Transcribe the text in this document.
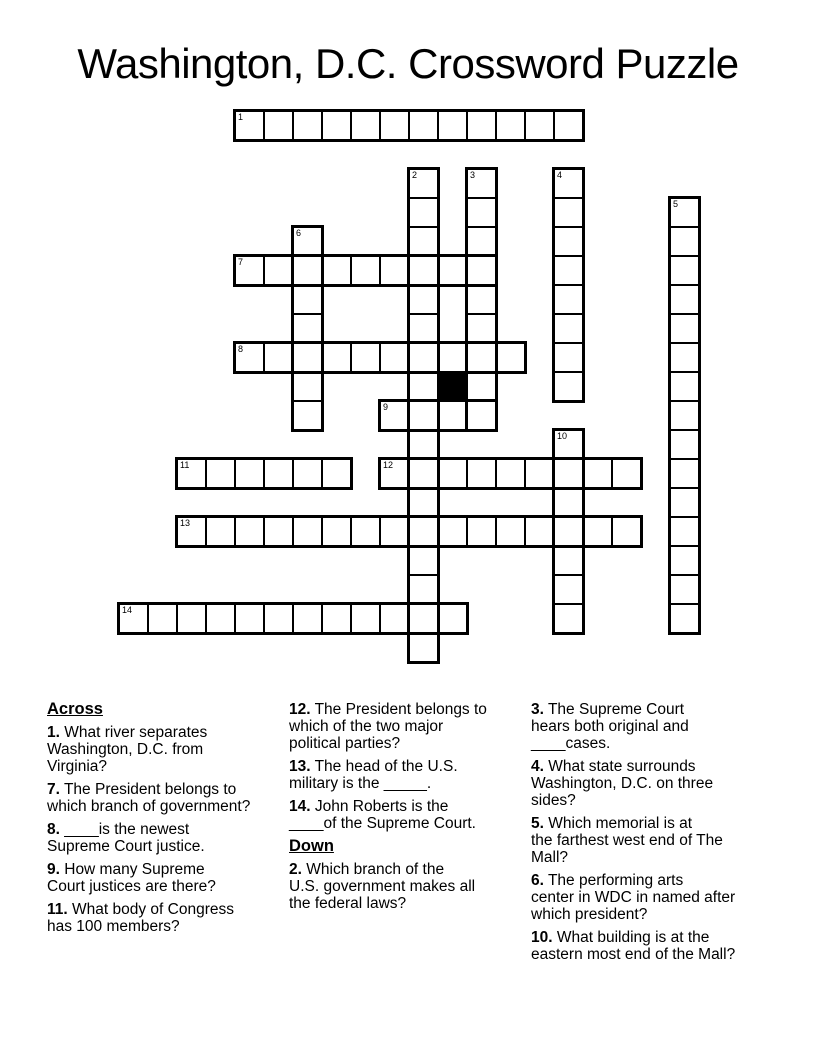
Washington, D.C. Crossword Puzzle
1
2	3	4
5
6
7
8
9
10
11	12
13
14
Across

1. What river separates
Washington, D.C. from
Virginia?

7. The President belongs to
which branch of government?

8. ____is the newest
Supreme Court justice.

9. How many Supreme
Court justices are there?

11. What body of Congress
has 100 members?

12. The President belongs to
which of the two major
political parties?

13. The head of the U.S.
military is the _____.

14. John Roberts is the
____of the Supreme Court.

Down

2. Which branch of the
U.S. government makes all
the federal laws?

3. The Supreme Court
hears both original and
____cases.

4. What state surrounds
Washington, D.C. on three
sides?

5. Which memorial is at
the farthest west end of The
Mall?

6. The performing arts
center in WDC in named after
which president?

10. What building is at the
eastern most end of the Mall?
